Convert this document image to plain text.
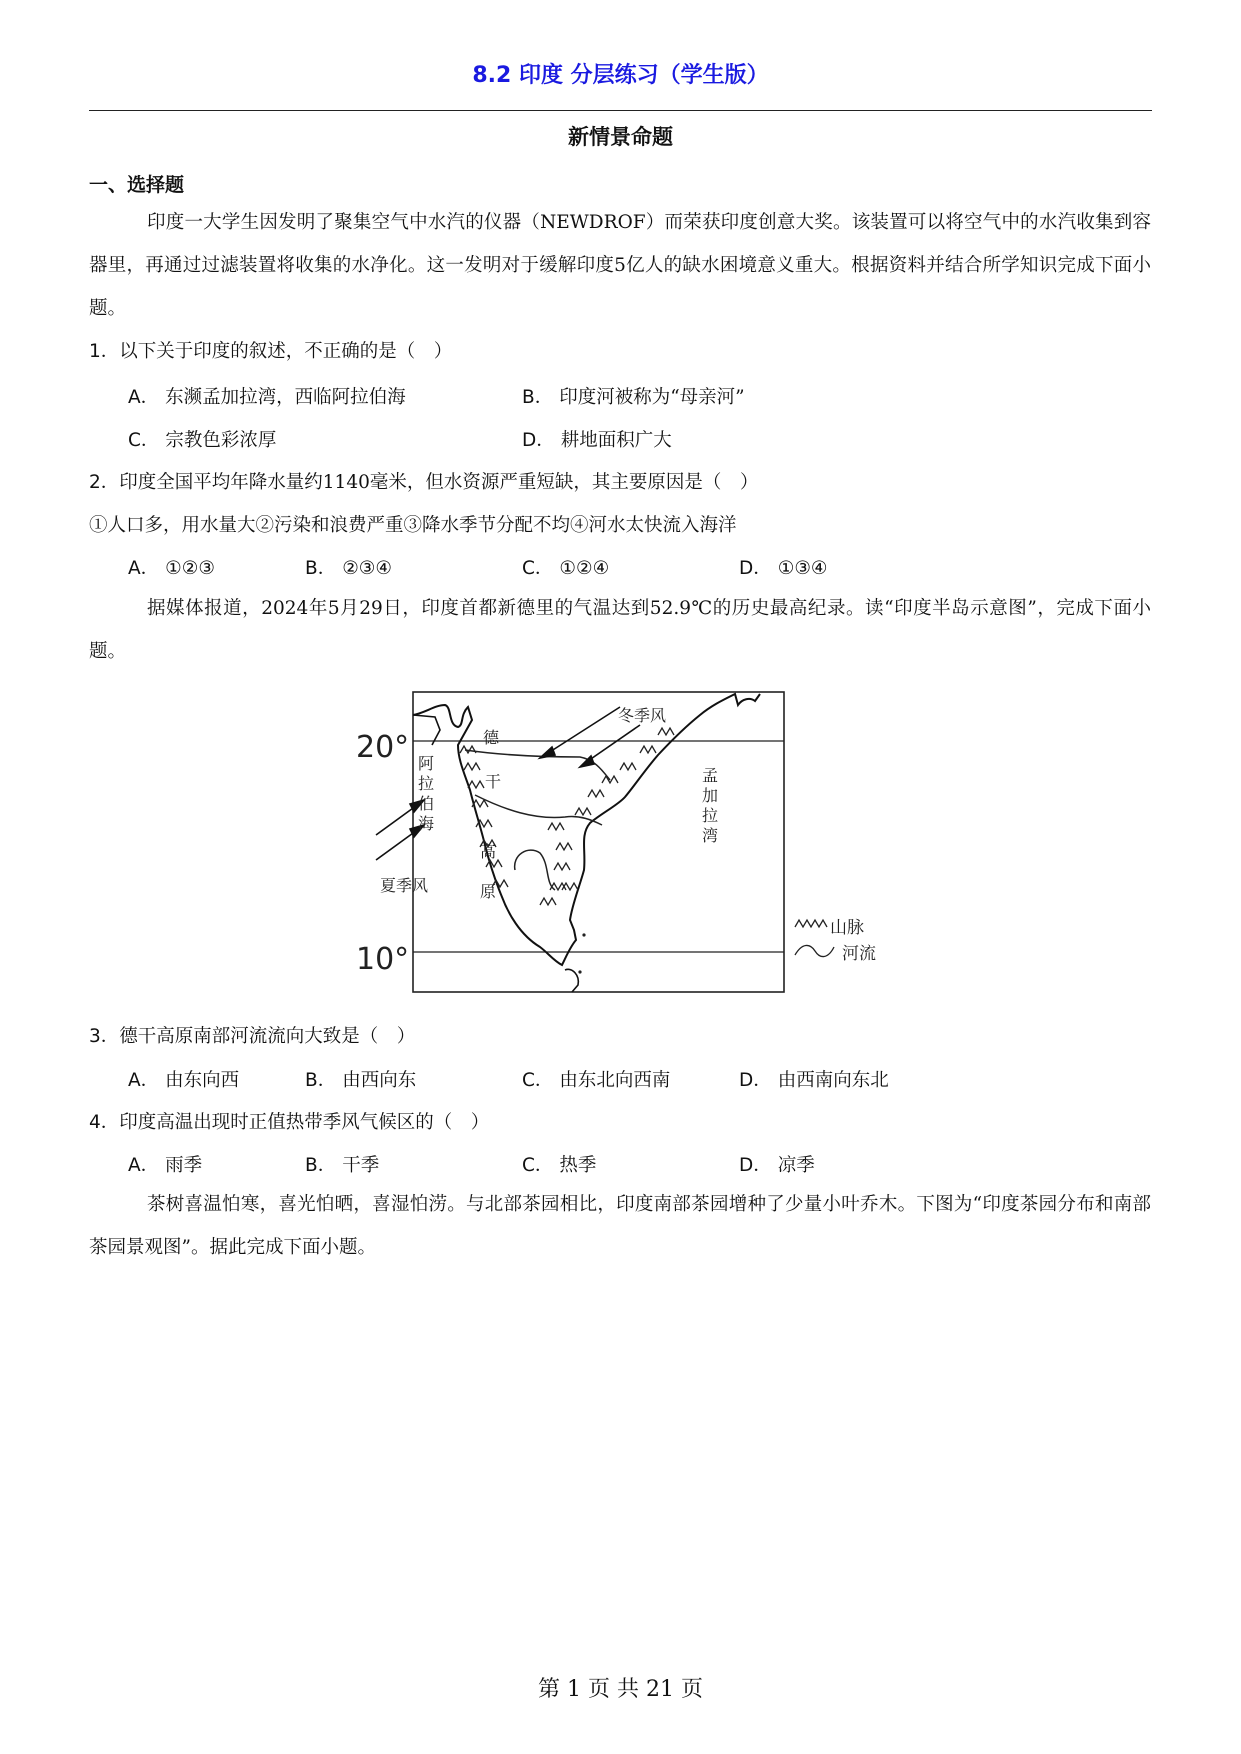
8.2 印度 分层练习（学生版）
新情景命题
一、选择题

印度一大学生因发明了聚集空气中水汽的仪器（NEWDROF）而荣获印度创意大奖。该装置可以将空气中的水汽收集到容器里，再通过过滤装置将收集的水净化。这一发明对于缓解印度5亿人的缺水困境意义重大。根据资料并结合所学知识完成下面小题。

1．以下关于印度的叙述，不正确的是（　）
A． 东濒孟加拉湾，西临阿拉伯海	B． 印度河被称为“母亲河”
C． 宗教色彩浓厚	D． 耕地面积广大
2．印度全国平均年降水量约1140毫米，但水资源严重短缺，其主要原因是（　）
①人口多，用水量大②污染和浪费严重③降水季节分配不均④河水太快流入海洋
A． ①②③	B． ②③④	C． ①②④	D． ①③④

据媒体报道，2024年5月29日，印度首都新德里的气温达到52.9℃的历史最高纪录。读“印度半岛示意图”，完成下面小题。

20°
10°
冬季风
夏季风
德
干
高
原
阿
拉
伯
海
孟
加
拉
湾
山脉
河流
3．德干高原南部河流流向大致是（　）
A． 由东向西	B． 由西向东	C． 由东北向西南	D． 由西南向东北
4．印度高温出现时正值热带季风气候区的（　）
A． 雨季	B． 干季	C． 热季	D． 凉季

茶树喜温怕寒，喜光怕晒，喜湿怕涝。与北部茶园相比，印度南部茶园增种了少量小叶乔木。下图为“印度茶园分布和南部茶园景观图”。据此完成下面小题。

第 1 页 共 21 页
